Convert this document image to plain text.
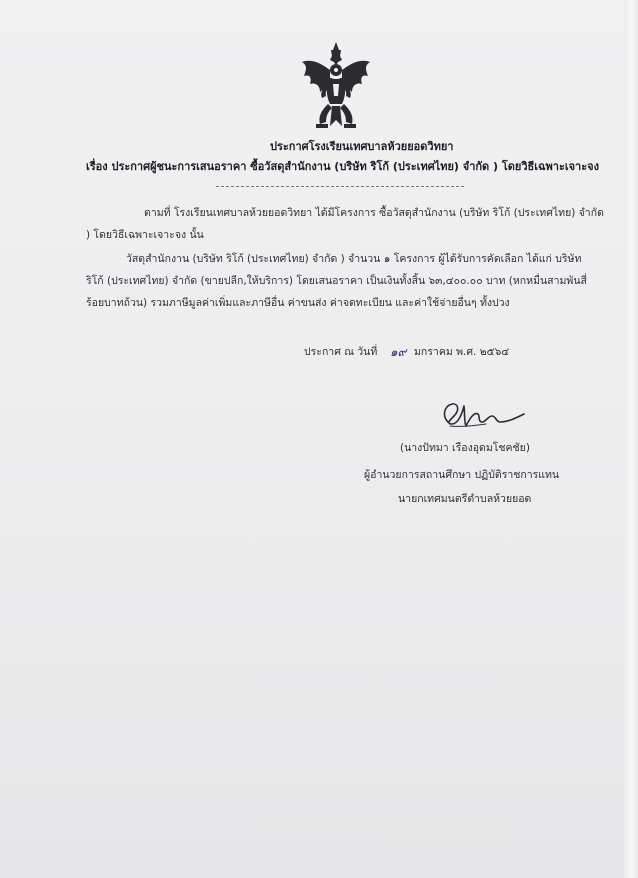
ประกาศโรงเรียนเทศบาลห้วยยอดวิทยา
เรื่อง ประกาศผู้ชนะการเสนอราคา ซื้อวัสดุสำนักงาน (บริษัท ริโก้ (ประเทศไทย) จำกัด ) โดยวิธีเฉพาะเจาะจง
ตามที่ โรงเรียนเทศบาลห้วยยอดวิทยา ได้มีโครงการ ซื้อวัสดุสำนักงาน (บริษัท ริโก้ (ประเทศไทย) จำกัด
) โดยวิธีเฉพาะเจาะจง นั้น
วัสดุสำนักงาน (บริษัท ริโก้ (ประเทศไทย) จำกัด ) จำนวน ๑ โครงการ ผู้ได้รับการคัดเลือก ได้แก่ บริษัท
ริโก้ (ประเทศไทย) จำกัด (ขายปลีก,ให้บริการ) โดยเสนอราคา เป็นเงินทั้งสิ้น ๖๓,๔๐๐.๐๐ บาท (หกหมื่นสามพันสี่
ร้อยบาทถ้วน) รวมภาษีมูลค่าเพิ่มและภาษีอื่น ค่าขนส่ง ค่าจดทะเบียน และค่าใช้จ่ายอื่นๆ ทั้งปวง
ประกาศ ณ วันที่ ๑๙ มกราคม พ.ศ. ๒๕๖๔
(นางปัทมา เรืองอุดมโชคชัย)
ผู้อำนวยการสถานศึกษา ปฏิบัติราชการแทน
นายกเทศมนตรีตำบลห้วยยอด
